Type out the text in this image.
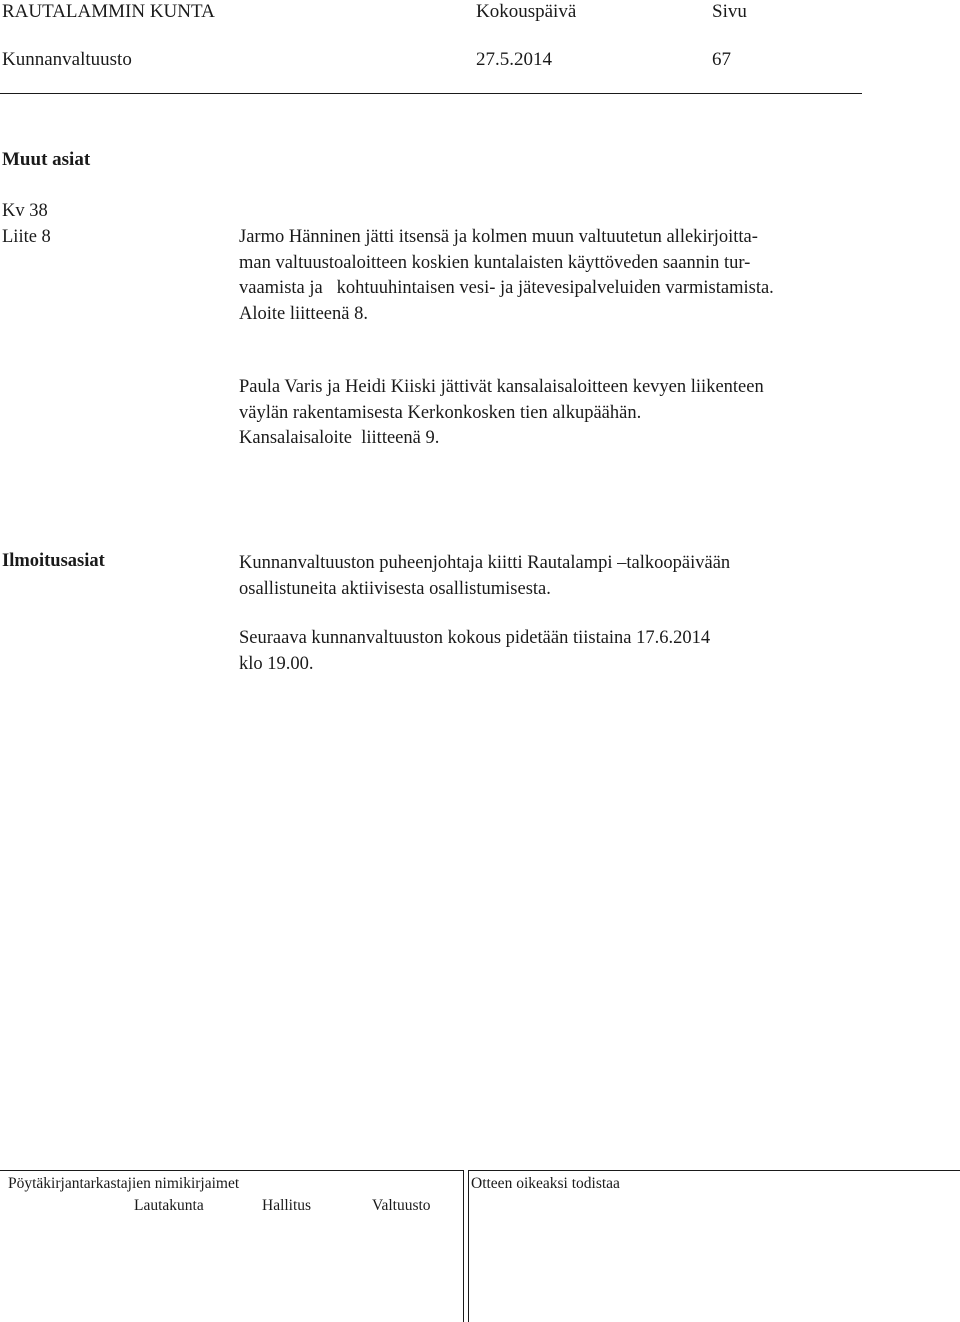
RAUTALAMMIN KUNTA	Kokouspäivä	Sivu
Kunnanvaltuusto	27.5.2014	67
Muut asiat
Kv 38
Liite 8	Jarmo Hänninen jätti itsensä ja kolmen muun valtuutetun allekirjoitta-
man valtuustoaloitteen koskien kuntalaisten käyttöveden saannin tur-
vaamista ja   kohtuuhintaisen vesi- ja jätevesipalveluiden varmistamista.
Aloite liitteenä 8.
Paula Varis ja Heidi Kiiski jättivät kansalaisaloitteen kevyen liikenteen
väylän rakentamisesta Kerkonkosken tien alkupäähän.
Kansalaisaloite  liitteenä 9.
Ilmoitusasiat	Kunnanvaltuuston puheenjohtaja kiitti Rautalampi –talkoopäivään
osallistuneita aktiivisesta osallistumisesta.
Seuraava kunnanvaltuuston kokous pidetään tiistaina 17.6.2014
klo 19.00.
Pöytäkirjantarkastajien nimikirjaimet
Lautakunta	Hallitus	Valtuusto
Otteen oikeaksi todistaa
